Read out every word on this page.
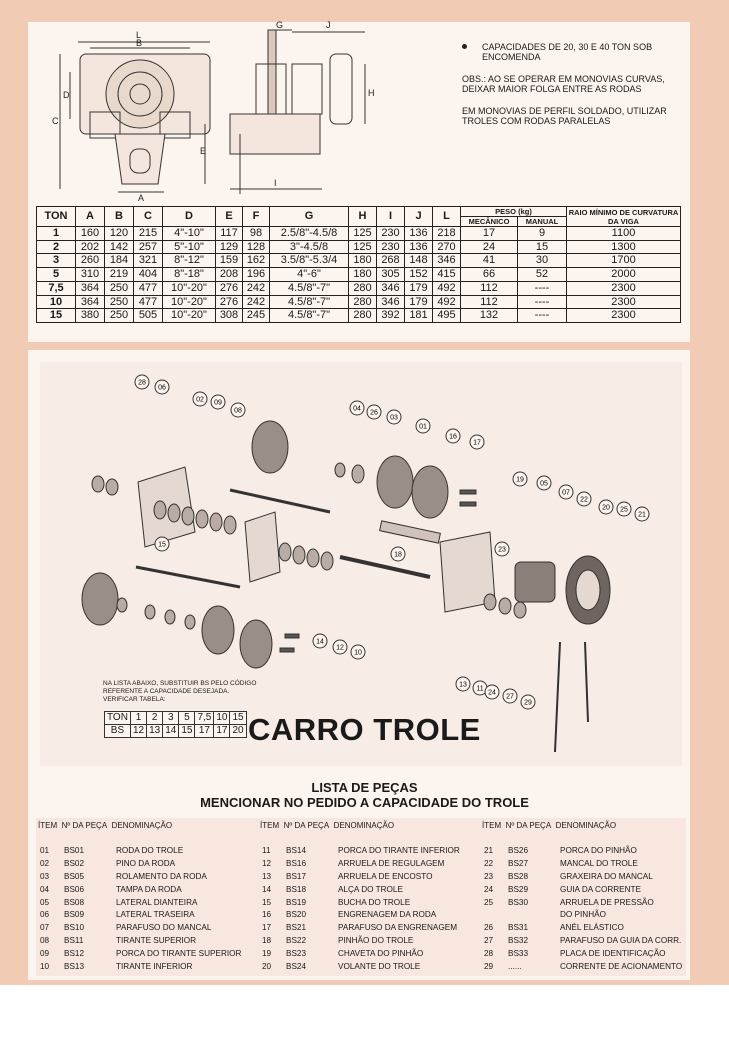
L
B
D
C
A
G	J
H
E
I

CAPACIDADES DE 20, 30 E 40 TON SOB ENCOMENDA

OBS.: AO SE OPERAR EM MONOVIAS CURVAS, DEIXAR MAIOR FOLGA ENTRE AS RODAS

EM MONOVIAS DE PERFIL SOLDADO, UTILIZAR TROLES COM RODAS PARALELAS

TON	A	B	C	D	E	F	G	H	I	J	L	PESO (kg)		RAIO MÍNIMO DE CURVATURA DA VIGA
												MECÂNICO	MANUAL	
1	160	120	215	4"-10"	117	98	2.5/8"-4.5/8	125	230	136	218	17	9	1100
2	202	142	257	5"-10"	129	128	3"-4.5/8	125	230	136	270	24	15	1300
3	260	184	321	8"-12"	159	162	3.5/8"-5.3/4	180	268	148	346	41	30	1700
5	310	219	404	8"-18"	208	196	4"-6"	180	305	152	415	66	52	2000
7,5	364	250	477	10"-20"	276	242	4.5/8"-7"	280	346	179	492	112	----	2300
10	364	250	477	10"-20"	276	242	4.5/8"-7"	280	346	179	492	112	----	2300
15	380	250	505	10"-20"	308	245	4.5/8"-7"	280	392	181	495	132	----	2300
28
06
02 09
08	04
26
03
01
16
17
19
05
07
22
20 25
21
15
18
23
14
12
10
13
11
24
27
29
NA LISTA ABAIXO, SUBSTITUIR BS PELO CÓDIGO REFERENTE A CAPACIDADE DESEJADA. VERIFICAR TABELA:
TON	1	2	3	5	7,5	10	15
BS	12	13	14	15	17	17	20 CARRO TROLE
LISTA DE PEÇAS
MENCIONAR NO PEDIDO A CAPACIDADE DO TROLE
ÍTEM Nº DA PEÇA DENOMINAÇÃO	ÍTEM Nº DA PEÇA DENOMINAÇÃO	ÍTEM Nº DA PEÇA DENOMINAÇÃO
01 BS01	RODA DO TROLE
02 BS02	PINO DA RODA
03 BS05	ROLAMENTO DA RODA
04 BS06	TAMPA DA RODA
05 BS08	LATERAL DIANTEIRA
06 BS09	LATERAL TRASEIRA
07 BS10	PARAFUSO DO MANCAL
08 BS11	TIRANTE SUPERIOR
09 BS12	PORCA DO TIRANTE SUPERIOR
10 BS13	TIRANTE INFERIOR
11 BS14	PORCA DO TIRANTE INFERIOR
12 BS16	ARRUELA DE REGULAGEM
13 BS17	ARRUELA DE ENCOSTO
14 BS18	ALÇA DO TROLE
15 BS19	BUCHA DO TROLE
16 BS20	ENGRENAGEM DA RODA
17 BS21	PARAFUSO DA ENGRENAGEM
18 BS22	PINHÃO DO TROLE
19 BS23	CHAVETA DO PINHÃO
20 BS24	VOLANTE DO TROLE
21 BS26	PORCA DO PINHÃO
22 BS27	MANCAL DO TROLE
23 BS28	GRAXEIRA DO MANCAL
24 BS29	GUIA DA CORRENTE
25 BS30	ARRUELA DE PRESSÃO
DO PINHÃO
26 BS31	ANÉL ELÁSTICO
27 BS32	PARAFUSO DA GUIA DA CORR.
28 BS33	PLACA DE IDENTIFICAÇÃO
29 ......	CORRENTE DE ACIONAMENTO
